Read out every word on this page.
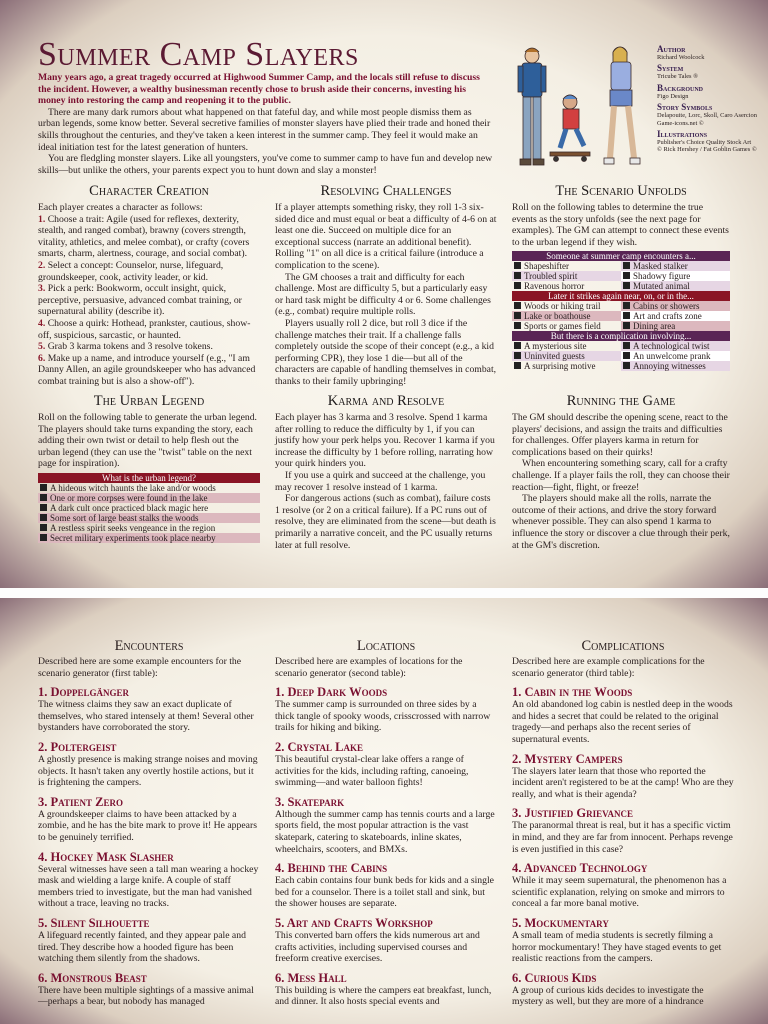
Summer Camp Slayers

Many years ago, a great tragedy occurred at Highwood Summer Camp, and the locals still refuse to discuss the incident. However, a wealthy businessman recently chose to brush aside their concerns, investing his money into restoring the camp and reopening it to the public.

There are many dark rumors about what happened on that fateful day, and while most people dismiss them as urban legends, some know better. Several secretive families of monster slayers have plied their trade and honed their skills throughout the centuries, and they've taken a keen interest in the summer camp. They feel it would make an ideal initiation test for the latest generation of hunters.

You are fledgling monster slayers. Like all youngsters, you've come to summer camp to have fun and develop new skills—but unlike the others, your parents expect you to hunt down and slay a monster!

Author
Richard Woolcock
System
Tricube Tales ®
Background
Figo Design
Story Symbols
Delapouite, Lorc, Skoll, Caro Asercion Game-icons.net ©
Illustrations
Publisher's Choice Quality Stock Art © Rick Hershey / Fat Goblin Games ©
Character Creation

Each player creates a character as follows:

1. Choose a trait: Agile (used for reflexes, dexterity, stealth, and ranged combat), brawny (covers strength, vitality, athletics, and melee combat), or crafty (covers smarts, charm, alertness, courage, and social combat).

2. Select a concept: Counselor, nurse, lifeguard, groundskeeper, cook, activity leader, or kid.

3. Pick a perk: Bookworm, occult insight, quick, perceptive, persuasive, advanced combat training, or supernatural ability (describe it).

4. Choose a quirk: Hothead, prankster, cautious, show-off, suspicious, sarcastic, or haunted.

5. Grab 3 karma tokens and 3 resolve tokens.

6. Make up a name, and introduce yourself (e.g., "I am Danny Allen, an agile groundskeeper who has advanced combat training but is also a show-off").

Resolving Challenges

If a player attempts something risky, they roll 1-3 six-sided dice and must equal or beat a difficulty of 4-6 on at least one die. Succeed on multiple dice for an exceptional success (narrate an additional benefit). Rolling "1" on all dice is a critical failure (introduce a complication to the scene).

The GM chooses a trait and difficulty for each challenge. Most are difficulty 5, but a particularly easy or hard task might be difficulty 4 or 6. Some challenges (e.g., combat) require multiple rolls.

Players usually roll 2 dice, but roll 3 dice if the challenge matches their trait. If a challenge falls completely outside the scope of their concept (e.g., a kid performing CPR), they lose 1 die—but all of the characters are capable of handling themselves in combat, thanks to their family upbringing!

The Scenario Unfolds

Roll on the following tables to determine the true events as the story unfolds (see the next page for examples). The GM can attempt to connect these events to the urban legend if they wish.

Someone at summer camp encounters a...
Shapeshifter	Masked stalker
Troubled spirit	Shadowy figure
Ravenous horror	Mutated animal
Later it strikes again near, on, or in the...
Woods or hiking trail	Cabins or showers
Lake or boathouse	Art and crafts zone
Sports or games field	Dining area
But there is a complication involving...
A mysterious site	A technological twist
Uninvited guests	An unwelcome prank
A surprising motive	Annoying witnesses
The Urban Legend

Roll on the following table to generate the urban legend. The players should take turns expanding the story, each adding their own twist or detail to help flesh out the urban legend (they can use the "twist" table on the next page for inspiration).

What is the urban legend?
A hideous witch haunts the lake and/or woods
One or more corpses were found in the lake
A dark cult once practiced black magic here
Some sort of large beast stalks the woods
A restless spirit seeks vengeance in the region
Secret military experiments took place nearby
Karma and Resolve

Each player has 3 karma and 3 resolve. Spend 1 karma after rolling to reduce the difficulty by 1, if you can justify how your perk helps you. Recover 1 karma if you increase the difficulty by 1 before rolling, narrating how your quirk hinders you.

If you use a quirk and succeed at the challenge, you may recover 1 resolve instead of 1 karma.

For dangerous actions (such as combat), failure costs 1 resolve (or 2 on a critical failure). If a PC runs out of resolve, they are eliminated from the scene—but death is primarily a narrative conceit, and the PC usually returns later at full resolve.

Running the Game

The GM should describe the opening scene, react to the players' decisions, and assign the traits and difficulties for challenges. Offer players karma in return for complications based on their quirks!

When encountering something scary, call for a crafty challenge. If a player fails the roll, they can choose their reaction—fight, flight, or freeze!

The players should make all the rolls, narrate the outcome of their actions, and drive the story forward whenever possible. They can also spend 1 karma to influence the story or discover a clue through their perk, at the GM's discretion.

Encounters	Locations	Complications

Described here are some example encounters for the scenario generator (first table):

1. Doppelgänger

The witness claims they saw an exact duplicate of themselves, who stared intensely at them! Several other bystanders have corroborated the story.

2. Poltergeist

A ghostly presence is making strange noises and moving objects. It hasn't taken any overtly hostile actions, but it is frightening the campers.

3. Patient Zero

A groundskeeper claims to have been attacked by a zombie, and he has the bite mark to prove it! He appears to be genuinely terrified.

4. Hockey Mask Slasher

Several witnesses have seen a tall man wearing a hockey mask and wielding a large knife. A couple of staff members tried to investigate, but the man had vanished without a trace, leaving no tracks.

5. Silent Silhouette

A lifeguard recently fainted, and they appear pale and tired. They describe how a hooded figure has been watching them silently from the shadows.

6. Monstrous Beast

There have been multiple sightings of a massive animal—perhaps a bear, but nobody has managed

Described here are examples of locations for the scenario generator (second table):

1. Deep Dark Woods

The summer camp is surrounded on three sides by a thick tangle of spooky woods, crisscrossed with narrow trails for hiking and biking.

2. Crystal Lake

This beautiful crystal-clear lake offers a range of activities for the kids, including rafting, canoeing, swimming—and water balloon fights!

3. Skatepark

Although the summer camp has tennis courts and a large sports field, the most popular attraction is the vast skatepark, catering to skateboards, inline skates, wheelchairs, scooters, and BMXs.

4. Behind the Cabins

Each cabin contains four bunk beds for kids and a single bed for a counselor. There is a toilet stall and sink, but the shower houses are separate.

5. Art and Crafts Workshop

This converted barn offers the kids numerous art and crafts activities, including supervised courses and freeform creative exercises.

6. Mess Hall

This building is where the campers eat breakfast, lunch, and dinner. It also hosts special events and

Described here are example complications for the scenario generator (third table):

1. Cabin in the Woods

An old abandoned log cabin is nestled deep in the woods and hides a secret that could be related to the original tragedy—and perhaps also the recent series of supernatural events.

2. Mystery Campers

The slayers later learn that those who reported the incident aren't registered to be at the camp! Who are they really, and what is their agenda?

3. Justified Grievance

The paranormal threat is real, but it has a specific victim in mind, and they are far from innocent. Perhaps revenge is even justified in this case?

4. Advanced Technology

While it may seem supernatural, the phenomenon has a scientific explanation, relying on smoke and mirrors to conceal a far more banal motive.

5. Mockumentary

A small team of media students is secretly filming a horror mockumentary! They have staged events to get realistic reactions from the campers.

6. Curious Kids

A group of curious kids decides to investigate the mystery as well, but they are more of a hindrance
